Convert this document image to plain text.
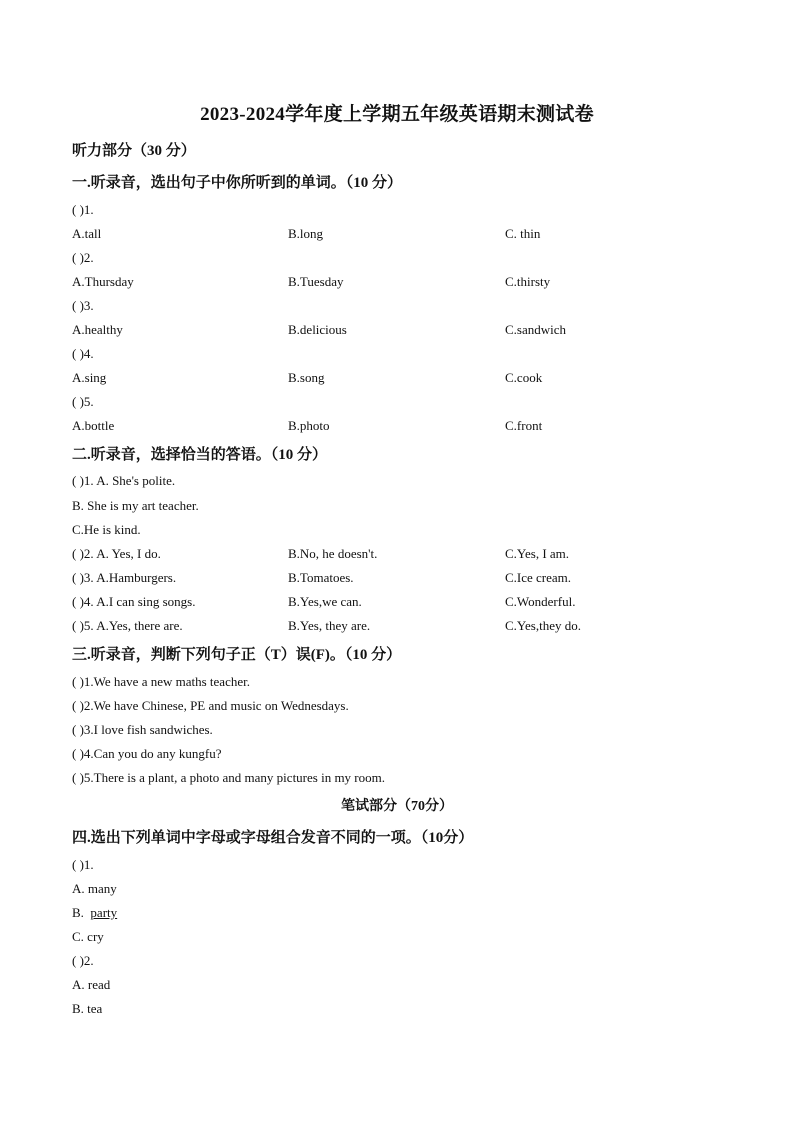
2023-2024学年度上学期五年级英语期末测试卷
听力部分（30 分）
一.听录音，选出句子中你所听到的单词。（10 分）
( )1.
A.tall	B.long	C. thin
( )2.
A.Thursday	B.Tuesday	C.thirsty
( )3.
A.healthy	B.delicious	C.sandwich
( )4.
A.sing	B.song	C.cook
( )5.
A.bottle	B.photo	C.front
二.听录音，选择恰当的答语。（10 分）
( )1. A. She's polite.
B. She is my art teacher.
C.He is kind.
( )2. A. Yes, I do.	B.No, he doesn't.	C.Yes, I am.
( )3. A.Hamburgers.	B.Tomatoes.	C.Ice cream.
( )4. A.I can sing songs.	B.Yes,we can.	C.Wonderful.
( )5. A.Yes, there are.	B.Yes, they are.	C.Yes,they do.
三.听录音，判断下列句子正（T）误(F)。（10 分）
( )1.We have a new maths teacher.
( )2.We have Chinese, PE and music on Wednesdays.
( )3.I love fish sandwiches.
( )4.Can you do any kungfu?
( )5.There is a plant, a photo and many pictures in my room.
笔试部分（70分）
四.选出下列单词中字母或字母组合发音不同的一项。（10分）
( )1.
A. many
B.  party
C. cry
( )2.
A. read
B. tea
